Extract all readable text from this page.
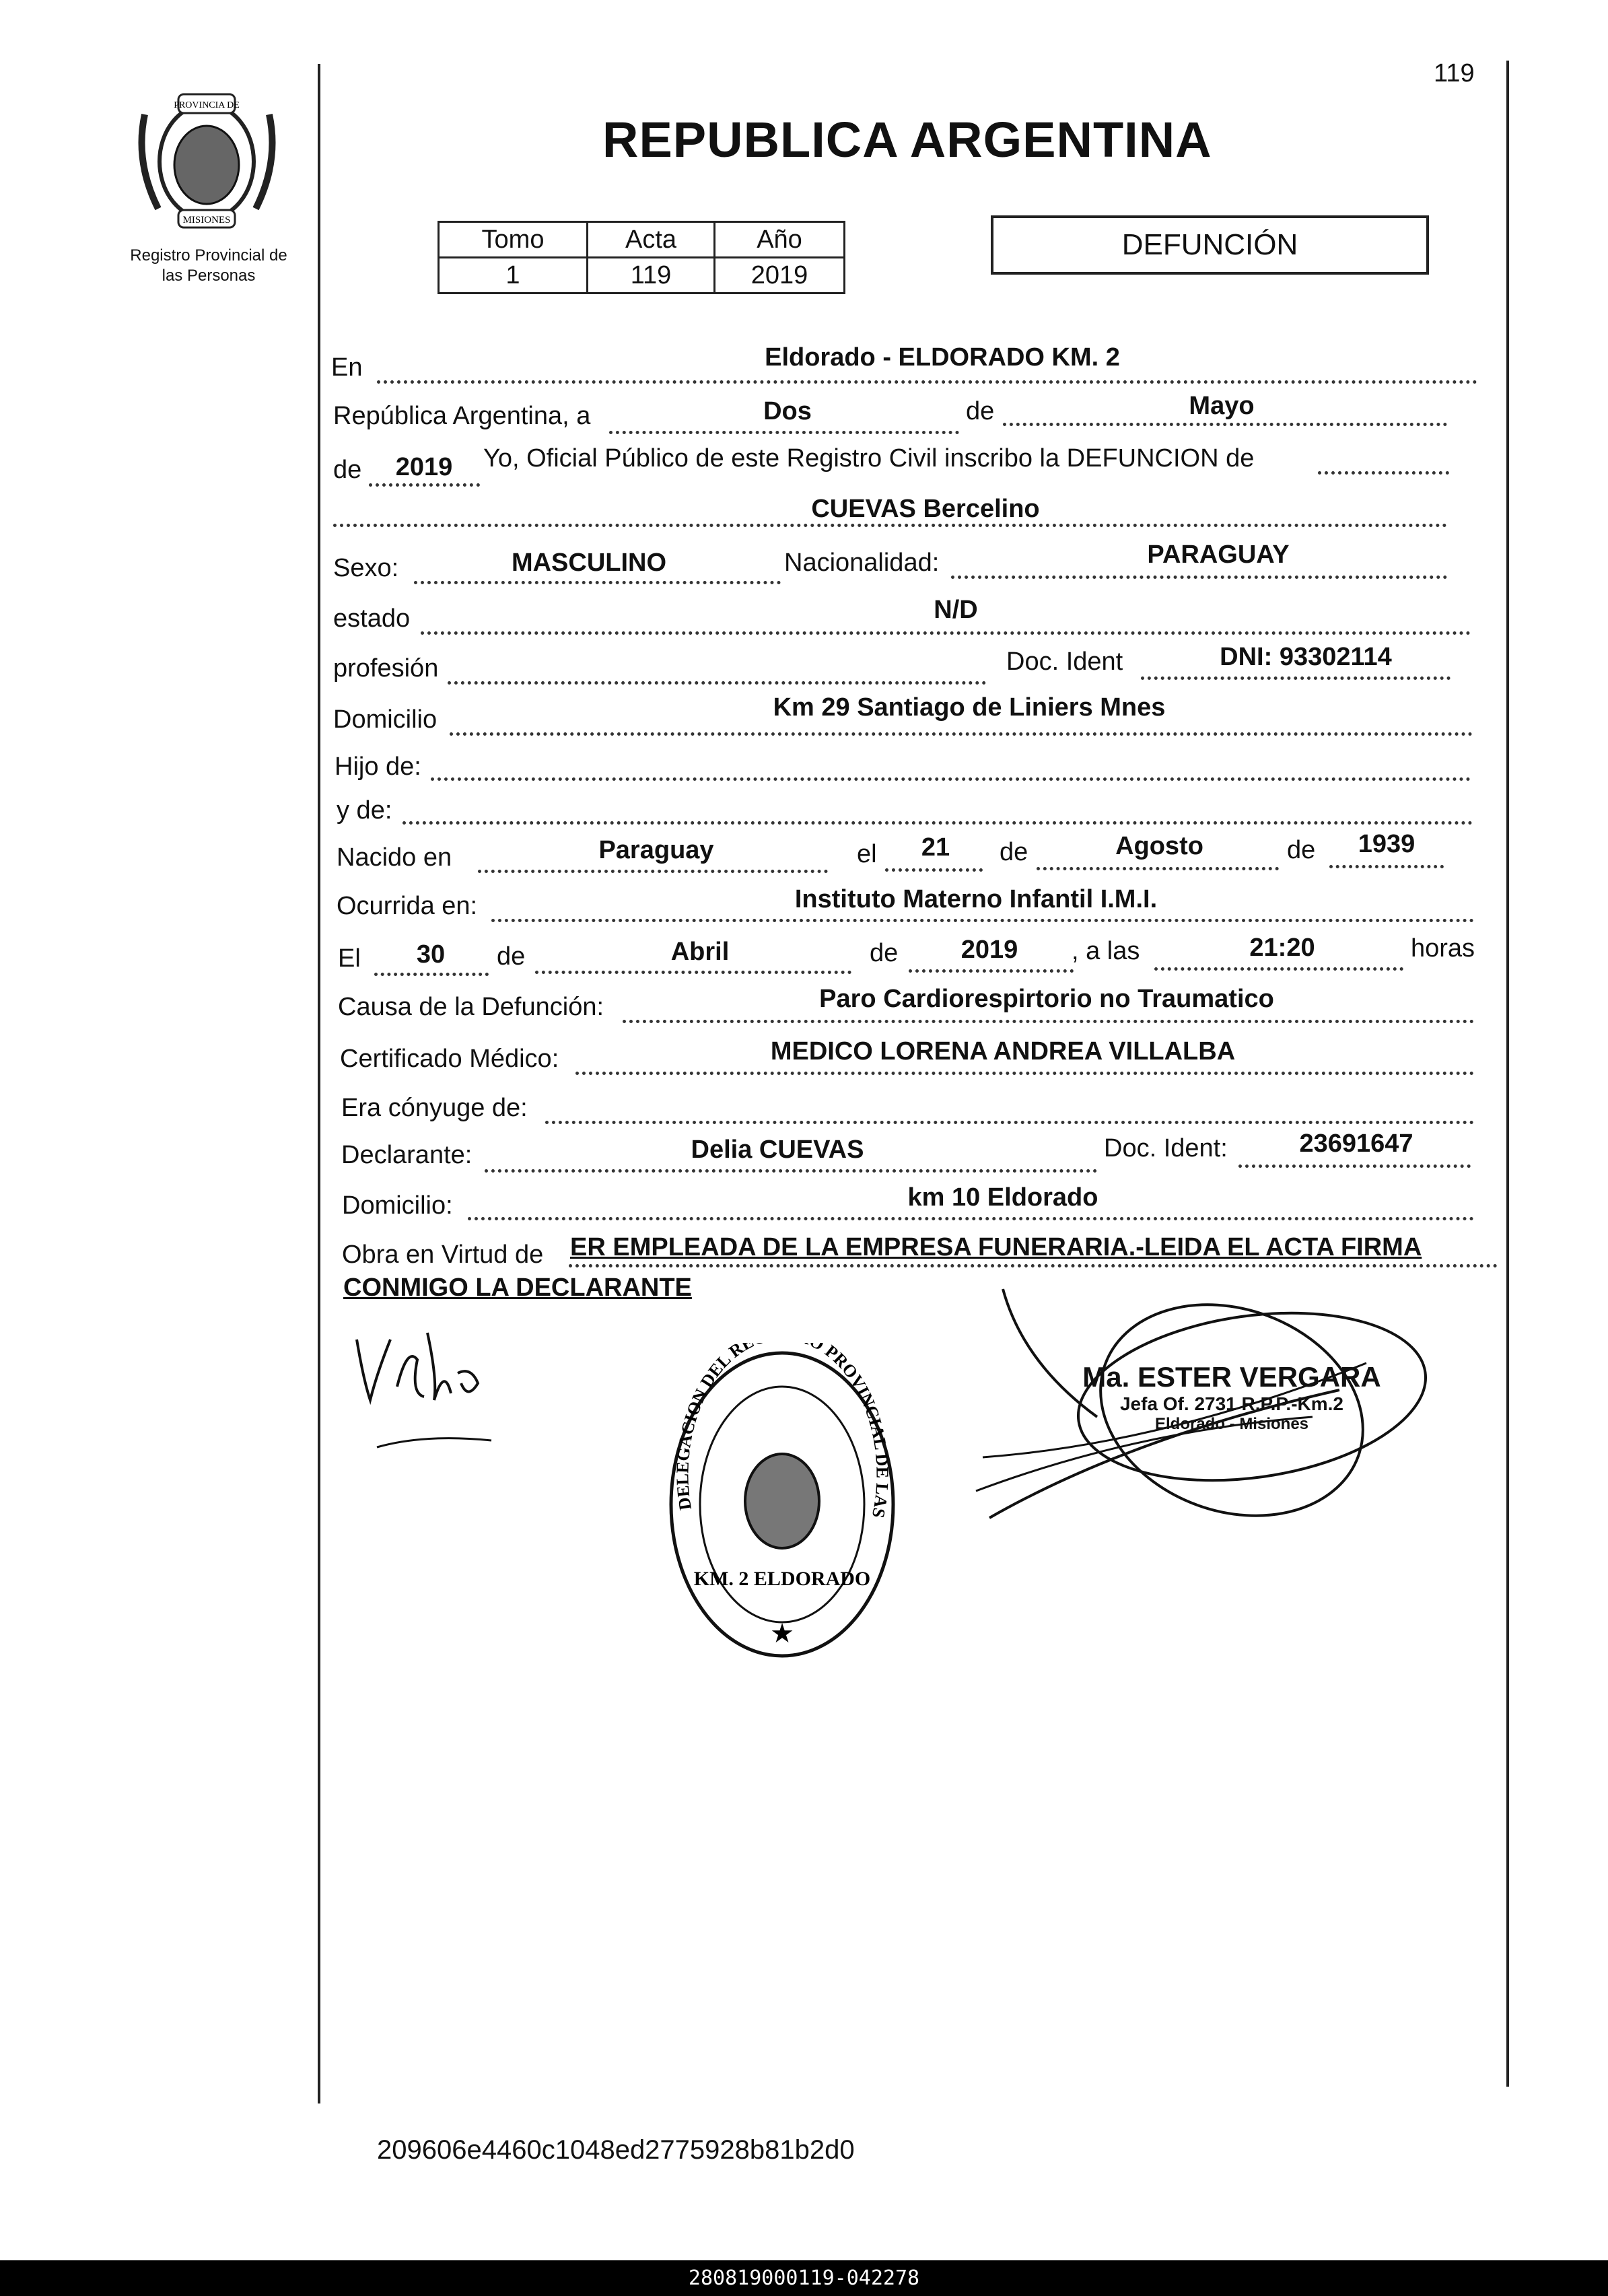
119
PROVINCIA DE
MISIONES
Registro Provincial de
las Personas
REPUBLICA ARGENTINA
Tomo	Acta	Año
1	119	2019
DEFUNCIÓN
En	Eldorado - ELDORADO KM. 2
República Argentina, a	Dos	de	Mayo
de	2019	Yo, Oficial Público de este Registro Civil inscribo la DEFUNCION de
CUEVAS Bercelino
Sexo:	MASCULINO	Nacionalidad:	PARAGUAY
estado	N/D
profesión	Doc. Ident	DNI: 93302114
Domicilio	Km 29 Santiago de Liniers Mnes
Hijo de:
y de:
Nacido en	Paraguay	el	21	de	Agosto	de	1939
Ocurrida en:	Instituto Materno Infantil I.M.I.
El	30	de	Abril	de	2019	, a las	21:20	horas
Causa de la Defunción:	Paro Cardiorespirtorio no Traumatico
Certificado Médico:	MEDICO LORENA ANDREA VILLALBA
Era cónyuge de:
Declarante:	Delia CUEVAS	Doc. Ident:	23691647
Domicilio:	km 10 Eldorado
Obra en Virtud de ER EMPLEADA DE LA EMPRESA FUNERARIA.-LEIDA EL ACTA FIRMA
CONMIGO LA DECLARANTE
DELEGACION DEL RE PROVINCIAL DE LAS
KM. 2 ELDORADO
★
Ma. ESTER VERGARA
Jefa Of. 2731 R.P.P.-Km.2
Eldorado - Misiones
209606e4460c1048ed2775928b81b2d0
280819000119-042278
